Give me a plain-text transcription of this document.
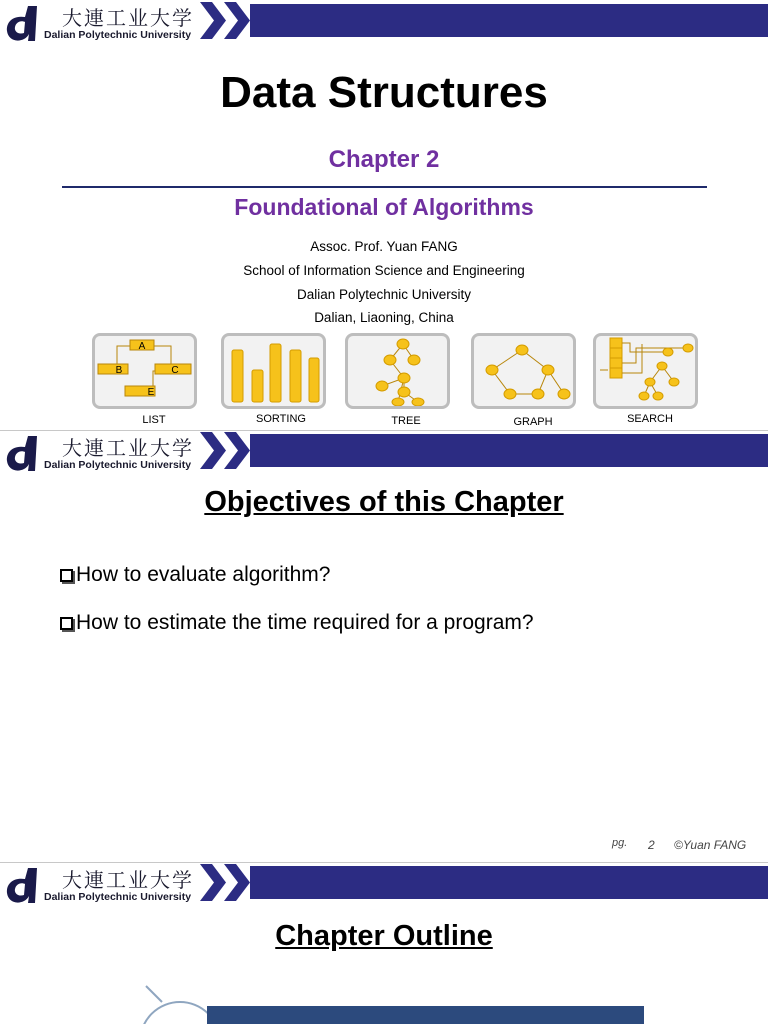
大連工业大学
Dalian Polytechnic University
Data Structures
Chapter 2
Foundational of Algorithms
Assoc. Prof. Yuan FANG
School of Information Science and Engineering
Dalian Polytechnic University
Dalian, Liaoning, China
A
B	C
E
LIST	SORTING	TREE	GRAPH	SEARCH
大連工业大学
Dalian Polytechnic University
Objectives of this Chapter
How to evaluate algorithm?
How to estimate the time required for a program?
pg. 2 ©Yuan FANG
大連工业大学
Dalian Polytechnic University
Chapter Outline
